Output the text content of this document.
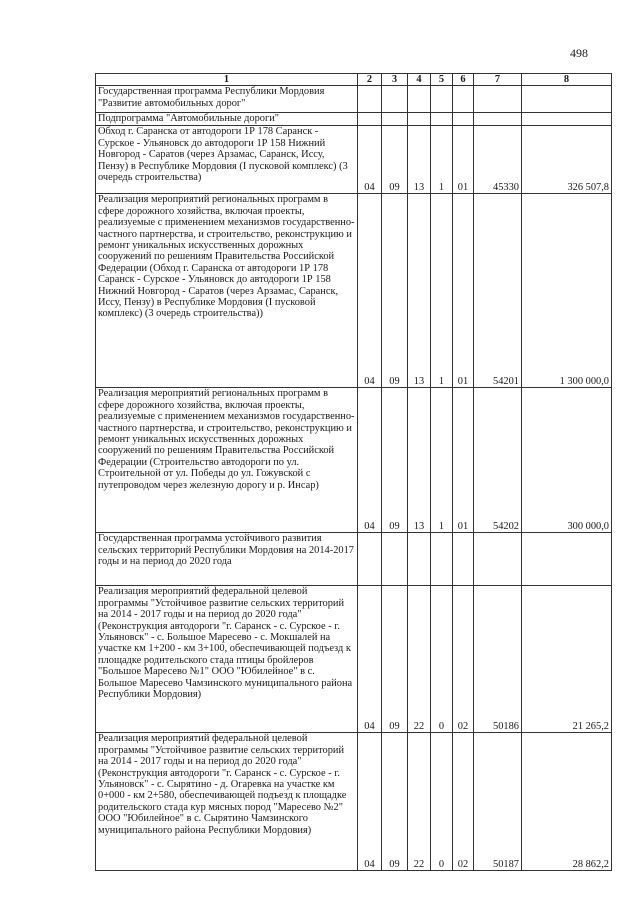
498
1	2	3	4	5	6	7	8
Государственная программа Республики Мордовия "Развитие автомобильных дорог"							
Подпрограмма "Автомобильные дороги"							
Обход г. Саранска от автодороги 1Р 178 Саранск - Сурское - Ульяновск до автодороги 1Р 158 Нижний Новгород - Саратов (через Арзамас, Саранск, Иссу, Пензу) в Республике Мордовия (I пусковой комплекс) (3 очередь строительства)	04	09	13	1	01	45330	326 507,8
Реализация мероприятий региональных программ в сфере дорожного хозяйства, включая проекты, реализуемые с применением механизмов государственно-частного партнерства, и строительство, реконструкцию и ремонт уникальных искусственных дорожных сооружений по решениям Правительства Российской Федерации (Обход г. Саранска от автодороги 1Р 178 Саранск - Сурское - Ульяновск до автодороги 1Р 158 Нижний Новгород - Саратов (через Арзамас, Саранск, Иссу, Пензу) в Республике Мордовия (I пусковой комплекс) (3 очередь строительства))	04	09	13	1	01	54201	1 300 000,0
Реализация мероприятий региональных программ в сфере дорожного хозяйства, включая проекты, реализуемые с применением механизмов государственно-частного партнерства, и строительство, реконструкцию и ремонт уникальных искусственных дорожных сооружений по решениям Правительства Российской Федерации (Строительство автодороги по ул. Строительной от ул. Победы до ул. Гожувской с путепроводом через железную дорогу и р. Инсар)	04	09	13	1	01	54202	300 000,0
Государственная программа устойчивого развития сельских территорий Республики Мордовия на 2014-2017 годы и на период до 2020 года							
Реализация мероприятий федеральной целевой программы "Устойчивое развитие сельских территорий на 2014 - 2017 годы и на период до 2020 года" (Реконструкция автодороги "г. Саранск - с. Сурское - г. Ульяновск" - с. Большое Маресево - с. Мокшалей на участке км 1+200 - км 3+100, обеспечивающей подъезд к площадке родительского стада птицы бройлеров "Большое Маресево №1" ООО "Юбилейное" в с. Большое Маресево Чамзинского муниципального района Республики Мордовия)	04	09	22	0	02	50186	21 265,2
Реализация мероприятий федеральной целевой программы "Устойчивое развитие сельских территорий на 2014 - 2017 годы и на период до 2020 года" (Реконструкция автодороги "г. Саранск - с. Сурское - г. Ульяновск" - с. Сырятино - д. Огаревка на участке км 0+000 - км 2+580, обеспечивающей подъезд к площадке родительского стада кур мясных пород "Маресево №2" ООО "Юбилейное" в с. Сырятино Чамзинского муниципального района Республики Мордовия)	04	09	22	0	02	50187	28 862,2
